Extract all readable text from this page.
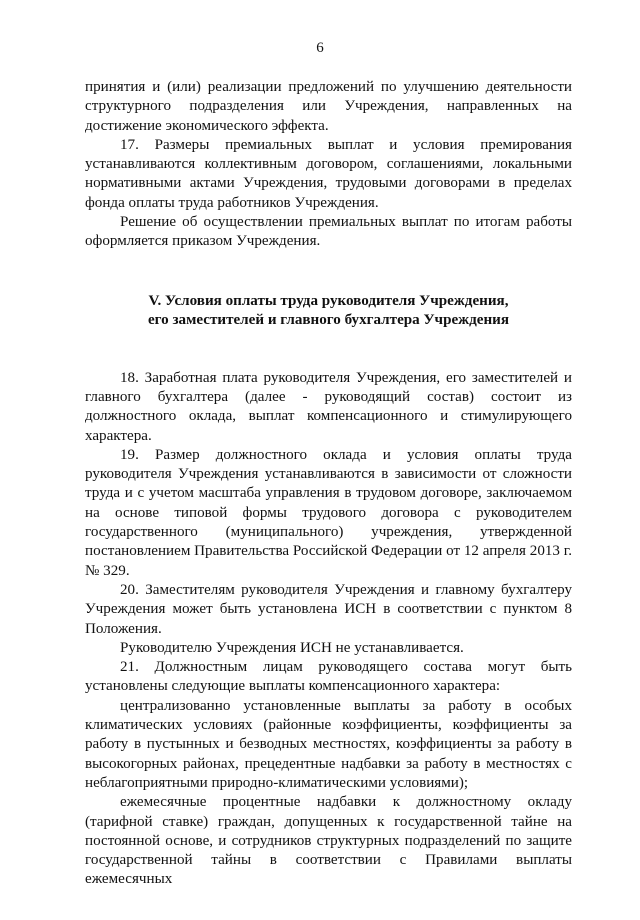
6

принятия и (или) реализации предложений по улучшению деятельности структурного подразделения или Учреждения, направленных на достижение экономического эффекта.

17. Размеры премиальных выплат и условия премирования устанавливаются коллективным договором, соглашениями, локальными нормативными актами Учреждения, трудовыми договорами в пределах фонда оплаты труда работников Учреждения.

Решение об осуществлении премиальных выплат по итогам работы оформляется приказом Учреждения.

V. Условия оплаты труда руководителя Учреждения,
его заместителей и главного бухгалтера Учреждения

18. Заработная плата руководителя Учреждения, его заместителей и главного бухгалтера (далее - руководящий состав) состоит из должностного оклада, выплат компенсационного и стимулирующего характера.

19. Размер должностного оклада и условия оплаты труда руководителя Учреждения устанавливаются в зависимости от сложности труда и с учетом масштаба управления в трудовом договоре, заключаемом на основе типовой формы трудового договора с руководителем государственного (муниципального) учреждения, утвержденной постановлением Правительства Российской Федерации от 12 апреля 2013 г. № 329.

20. Заместителям руководителя Учреждения и главному бухгалтеру Учреждения может быть установлена ИСН в соответствии с пунктом 8 Положения.

Руководителю Учреждения ИСН не устанавливается.

21. Должностным лицам руководящего состава могут быть установлены следующие выплаты компенсационного характера:

централизованно установленные выплаты за работу в особых климатических условиях (районные коэффициенты, коэффициенты за работу в пустынных и безводных местностях, коэффициенты за работу в высокогорных районах, прецедентные надбавки за работу в местностях с неблагоприятными природно-климатическими условиями);

ежемесячные процентные надбавки к должностному окладу (тарифной ставке) граждан, допущенных к государственной тайне на постоянной основе, и сотрудников структурных подразделений по защите государственной тайны в соответствии с Правилами выплаты ежемесячных
